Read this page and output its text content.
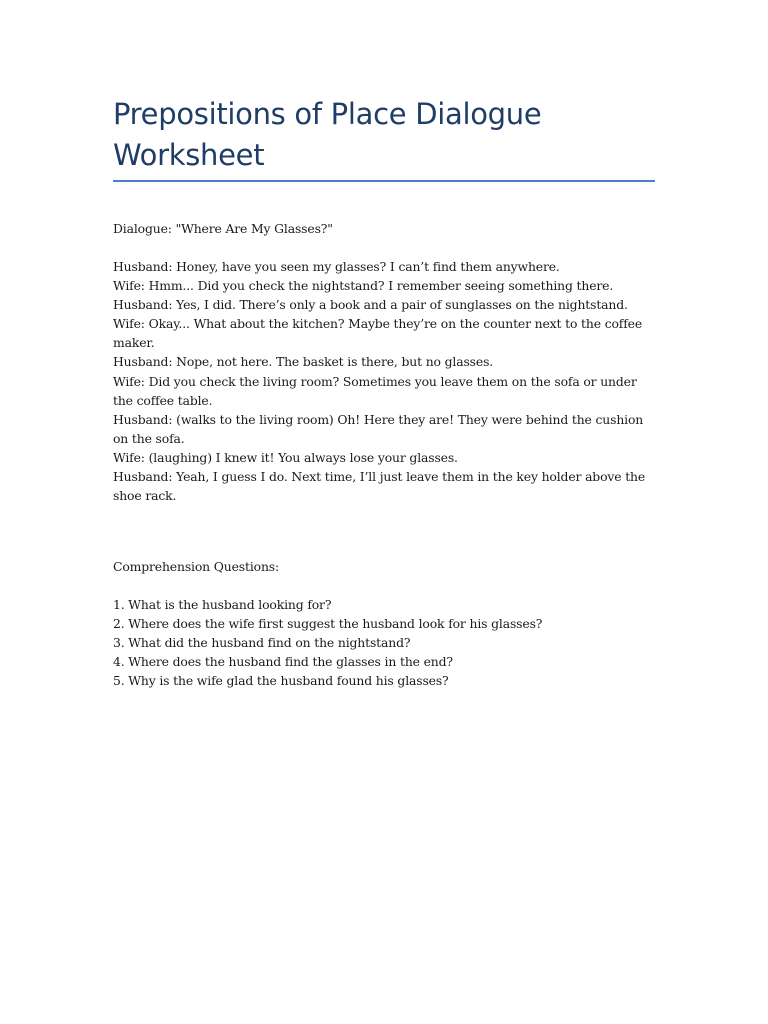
Prepositions of Place Dialogue Worksheet

Dialogue: "Where Are My Glasses?"

Husband: Honey, have you seen my glasses? I can’t find them anywhere.
Wife: Hmm... Did you check the nightstand? I remember seeing something there.
Husband: Yes, I did. There’s only a book and a pair of sunglasses on the nightstand.
Wife: Okay... What about the kitchen? Maybe they’re on the counter next to the coffee maker.
Husband: Nope, not here. The basket is there, but no glasses.
Wife: Did you check the living room? Sometimes you leave them on the sofa or under the coffee table.
Husband: (walks to the living room) Oh! Here they are! They were behind the cushion on the sofa.
Wife: (laughing) I knew it! You always lose your glasses.
Husband: Yeah, I guess I do. Next time, I’ll just leave them in the key holder above the shoe rack.

Comprehension Questions:

1. What is the husband looking for?
2. Where does the wife first suggest the husband look for his glasses?
3. What did the husband find on the nightstand?
4. Where does the husband find the glasses in the end?
5. Why is the wife glad the husband found his glasses?
